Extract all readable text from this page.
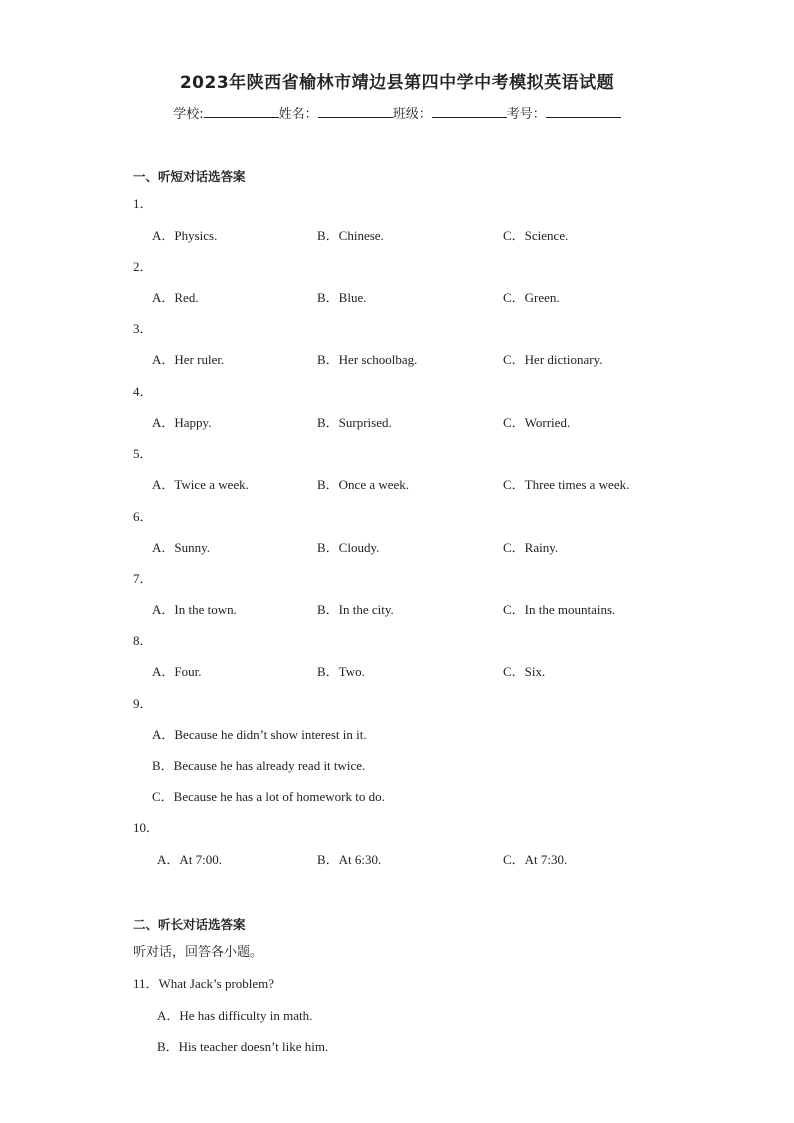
2023年陕西省榆林市靖边县第四中学中考模拟英语试题
学校:	姓名：	班级：	考号：
一、听短对话选答案
1．
A．Physics.	B．Chinese.	C．Science.
2．
A．Red.	B．Blue.	C．Green.
3．
A．Her ruler.	B．Her schoolbag.	C．Her dictionary.
4．
A．Happy.	B．Surprised.	C．Worried.
5．
A．Twice a week.	B．Once a week.	C．Three times a week.
6．
A．Sunny.	B．Cloudy.	C．Rainy.
7．
A．In the town.	B．In the city.	C．In the mountains.
8．
A．Four.	B．Two.	C．Six.
9．
A．Because he didn’t show interest in it.
B．Because he has already read it twice.
C．Because he has a lot of homework to do.
10．
A．At 7:00.	B．At 6:30.	C．At 7:30.
二、听长对话选答案
听对话，回答各小题。
11．What Jack’s problem?
A．He has difficulty in math.
B．His teacher doesn’t like him.
